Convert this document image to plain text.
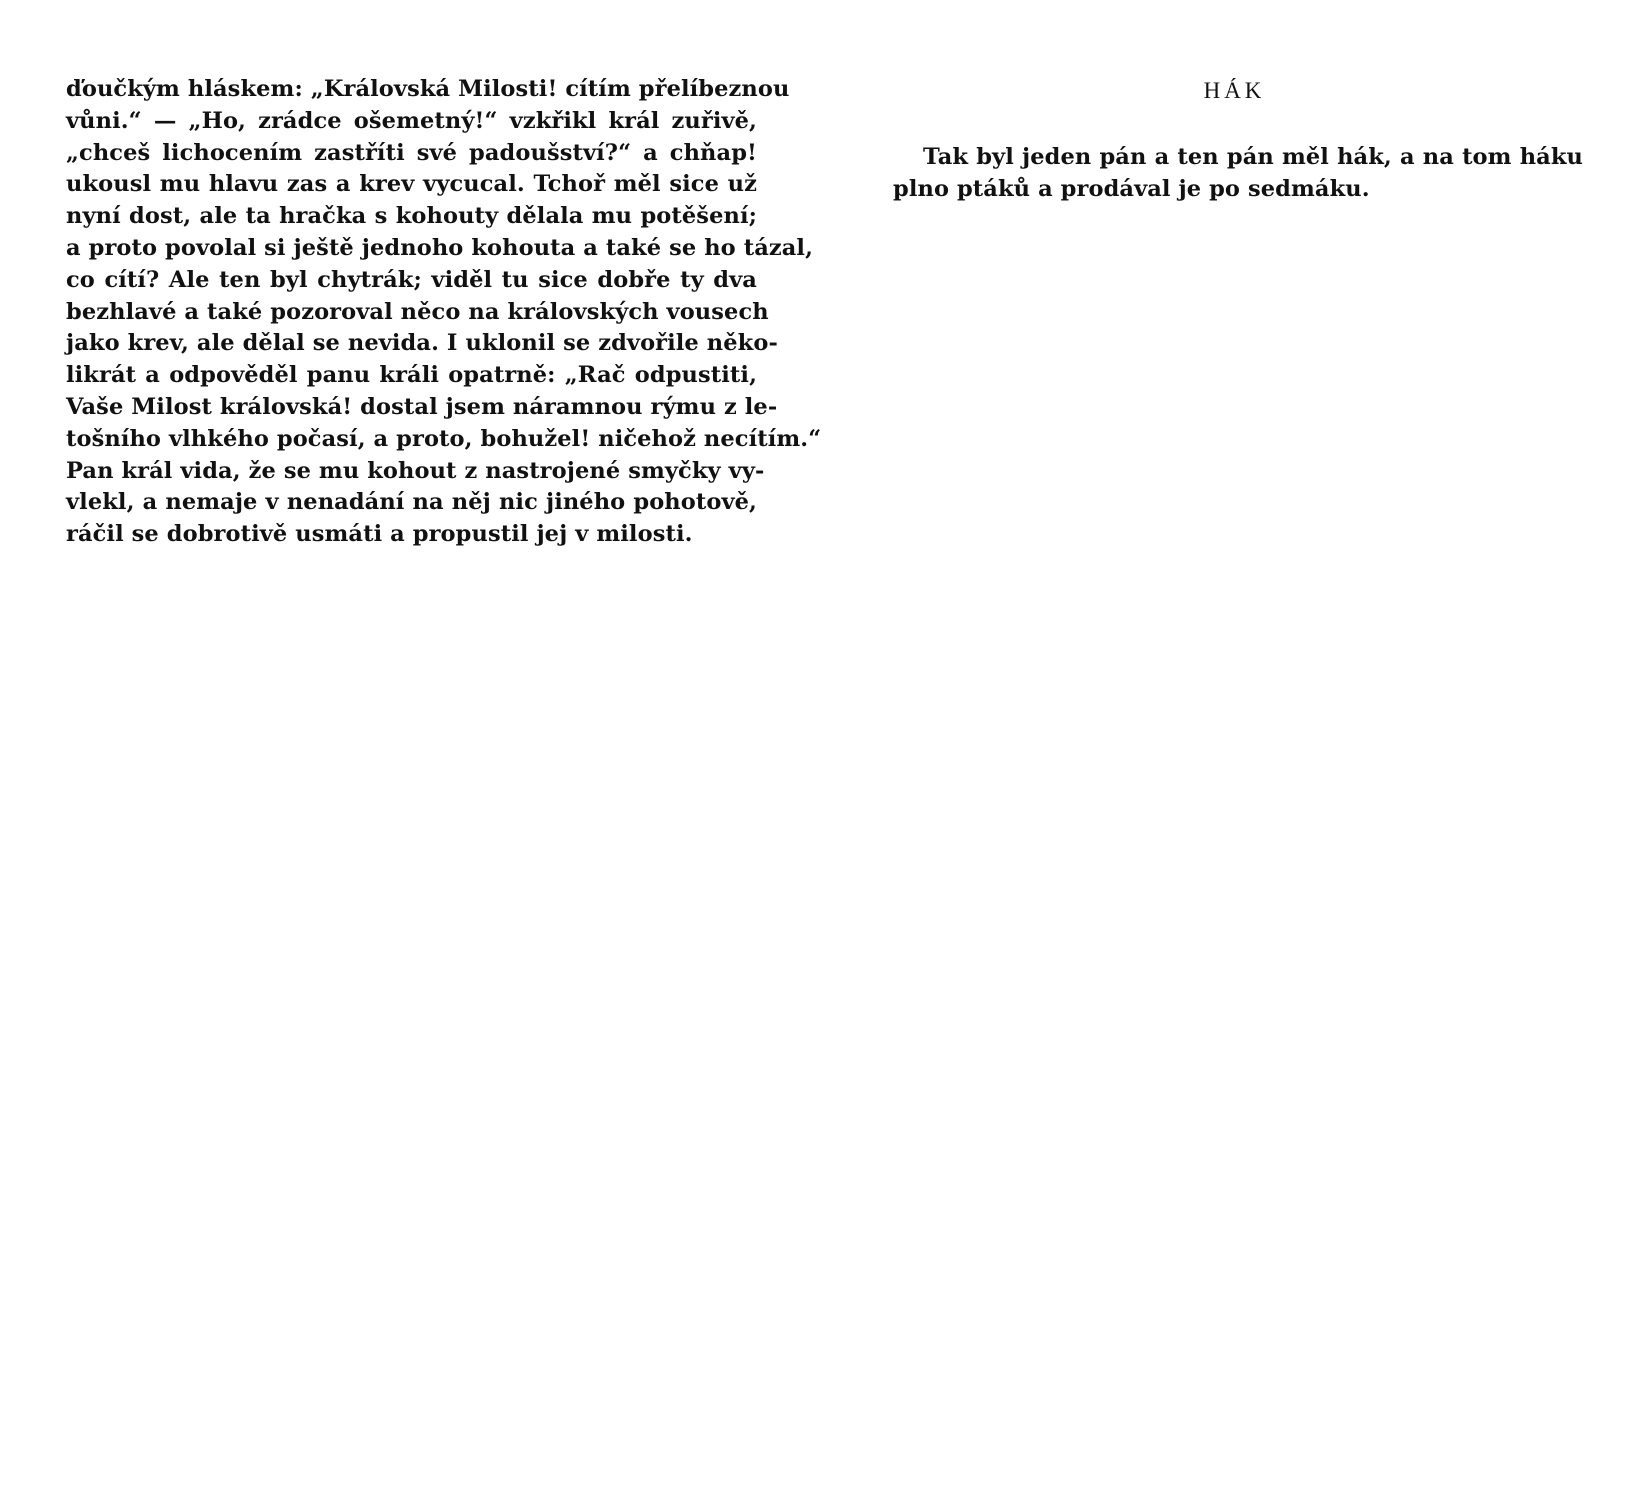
ďoučkým hláskem: „Královská Milosti! cítím přelíbeznou
vůni.“ — „Ho, zrádce ošemetný!“ vzkřikl král zuřivě,
„chceš lichocením zastříti své padoušství?“ a chňap!
ukousl mu hlavu zas a krev vycucal. Tchoř měl sice už
nyní dost, ale ta hračka s kohouty dělala mu potěšení;
a proto povolal si ještě jednoho kohouta a také se ho tázal,
co cítí? Ale ten byl chytrák; viděl tu sice dobře ty dva
bezhlavé a také pozoroval něco na královských vousech
jako krev, ale dělal se nevida. I uklonil se zdvořile něko-
likrát a odpověděl panu králi opatrně: „Rač odpustiti,
Vaše Milost královská! dostal jsem náramnou rýmu z le-
tošního vlhkého počasí, a proto, bohužel! ničehož necítím.“
Pan král vida, že se mu kohout z nastrojené smyčky vy-
vlekl, a nemaje v nenadání na něj nic jiného pohotově,
ráčil se dobrotivě usmáti a propustil jej v milosti.
HÁK
Tak byl jeden pán a ten pán měl hák, a na tom háku
plno ptáků a prodával je po sedmáku.
